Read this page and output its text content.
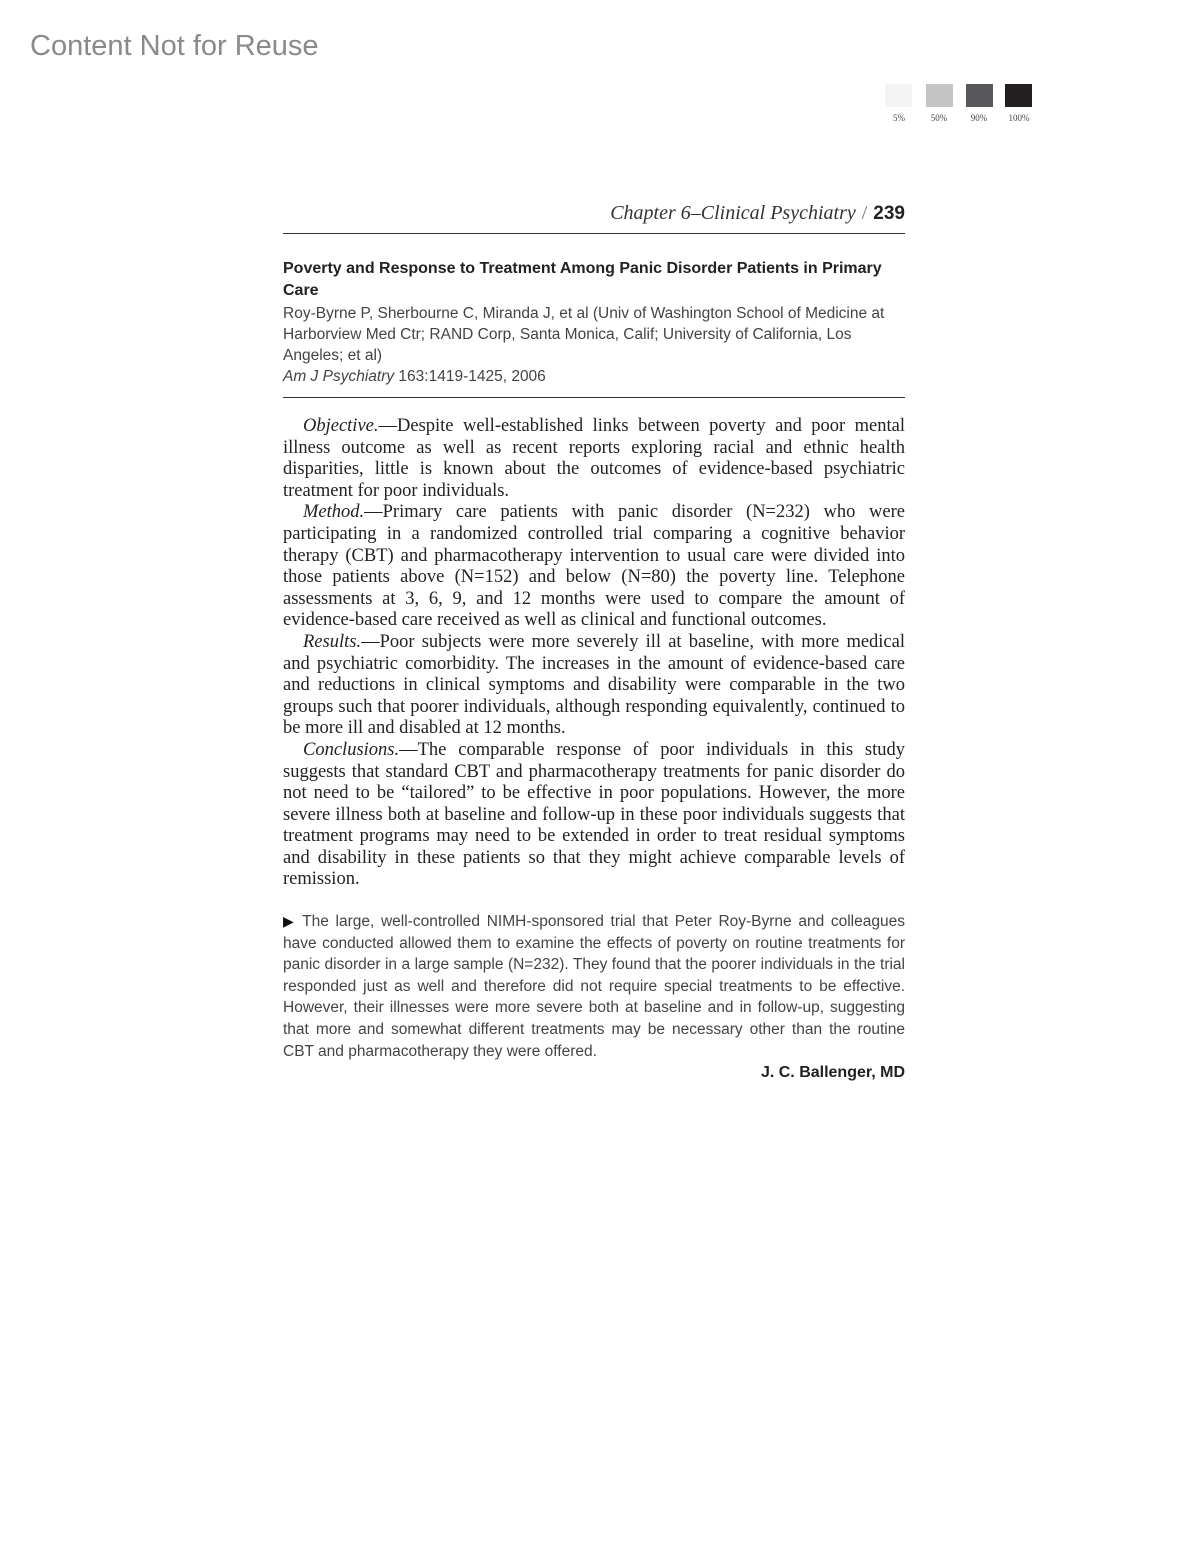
Content Not for Reuse
5%	50%	90%	100%
Chapter 6–Clinical Psychiatry / 239
Poverty and Response to Treatment Among Panic Disorder Patients in Primary Care
Roy-Byrne P, Sherbourne C, Miranda J, et al (Univ of Washington School of Medicine at Harborview Med Ctr; RAND Corp, Santa Monica, Calif; University of California, Los Angeles; et al)
Am J Psychiatry 163:1419-1425, 2006

Objective.—Despite well-established links between poverty and poor mental illness outcome as well as recent reports exploring racial and ethnic health disparities, little is known about the outcomes of evidence-based psychiatric treatment for poor individuals.

Method.—Primary care patients with panic disorder (N=232) who were participating in a randomized controlled trial comparing a cognitive behavior therapy (CBT) and pharmacotherapy intervention to usual care were divided into those patients above (N=152) and below (N=80) the poverty line. Telephone assessments at 3, 6, 9, and 12 months were used to compare the amount of evidence-based care received as well as clinical and functional outcomes.

Results.—Poor subjects were more severely ill at baseline, with more medical and psychiatric comorbidity. The increases in the amount of evidence-based care and reductions in clinical symptoms and disability were comparable in the two groups such that poorer individuals, although responding equivalently, continued to be more ill and disabled at 12 months.

Conclusions.—The comparable response of poor individuals in this study suggests that standard CBT and pharmacotherapy treatments for panic disorder do not need to be “tailored” to be effective in poor populations. However, the more severe illness both at baseline and follow-up in these poor individuals suggests that treatment programs may need to be extended in order to treat residual symptoms and disability in these patients so that they might achieve comparable levels of remission.

▶ The large, well-controlled NIMH-sponsored trial that Peter Roy-Byrne and colleagues have conducted allowed them to examine the effects of poverty on routine treatments for panic disorder in a large sample (N=232). They found that the poorer individuals in the trial responded just as well and therefore did not require special treatments to be effective. However, their illnesses were more severe both at baseline and in follow-up, suggesting that more and somewhat different treatments may be necessary other than the routine CBT and pharmacotherapy they were offered.
J. C. Ballenger, MD
